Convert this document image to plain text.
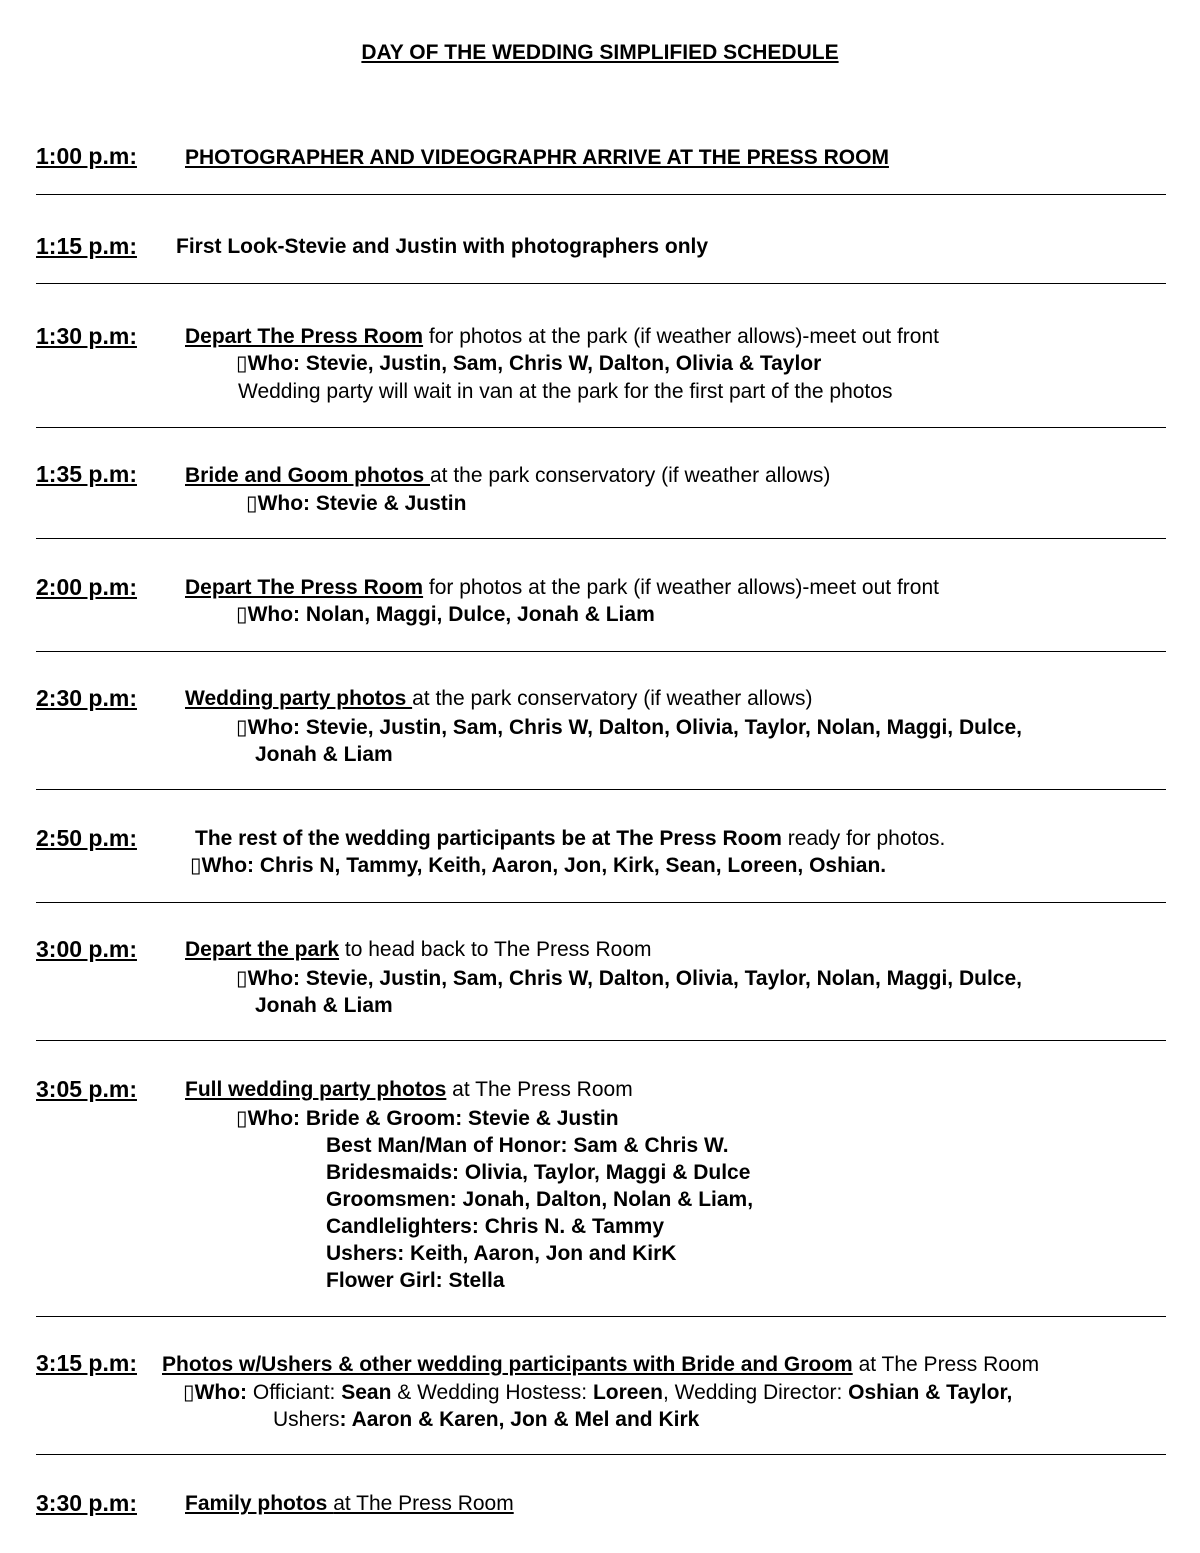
DAY OF THE WEDDING SIMPLIFIED SCHEDULE
1:00 p.m: PHOTOGRAPHER AND VIDEOGRAPHR ARRIVE AT THE PRESS ROOM
1:15 p.m: First Look-Stevie and Justin with photographers only
1:30 p.m: Depart The Press Room for photos at the park (if weather allows)-meet out front
▯Who: Stevie, Justin, Sam, Chris W, Dalton, Olivia & Taylor
Wedding party will wait in van at the park for the first part of the photos
1:35 p.m: Bride and Goom photos at the park conservatory (if weather allows)
▯Who: Stevie & Justin
2:00 p.m: Depart The Press Room for photos at the park (if weather allows)-meet out front
▯Who: Nolan, Maggi, Dulce, Jonah & Liam
2:30 p.m: Wedding party photos at the park conservatory (if weather allows)
▯Who: Stevie, Justin, Sam, Chris W, Dalton, Olivia, Taylor, Nolan, Maggi, Dulce,
Jonah & Liam
2:50 p.m:	The rest of the wedding participants be at The Press Room ready for photos.
▯Who: Chris N, Tammy, Keith, Aaron, Jon, Kirk, Sean, Loreen, Oshian.
3:00 p.m: Depart the park to head back to The Press Room
▯Who: Stevie, Justin, Sam, Chris W, Dalton, Olivia, Taylor, Nolan, Maggi, Dulce,
Jonah & Liam
3:05 p.m: Full wedding party photos at The Press Room
▯Who: Bride & Groom: Stevie & Justin
Best Man/Man of Honor: Sam & Chris W.
Bridesmaids: Olivia, Taylor, Maggi & Dulce
Groomsmen: Jonah, Dalton, Nolan & Liam,
Candlelighters: Chris N. & Tammy
Ushers: Keith, Aaron, Jon and KirK
Flower Girl: Stella
3:15 p.m: Photos w/Ushers & other wedding participants with Bride and Groom at The Press Room
▯Who: Officiant: Sean & Wedding Hostess: Loreen, Wedding Director: Oshian & Taylor,
Ushers: Aaron & Karen, Jon & Mel and Kirk
3:30 p.m: Family photos at The Press Room
